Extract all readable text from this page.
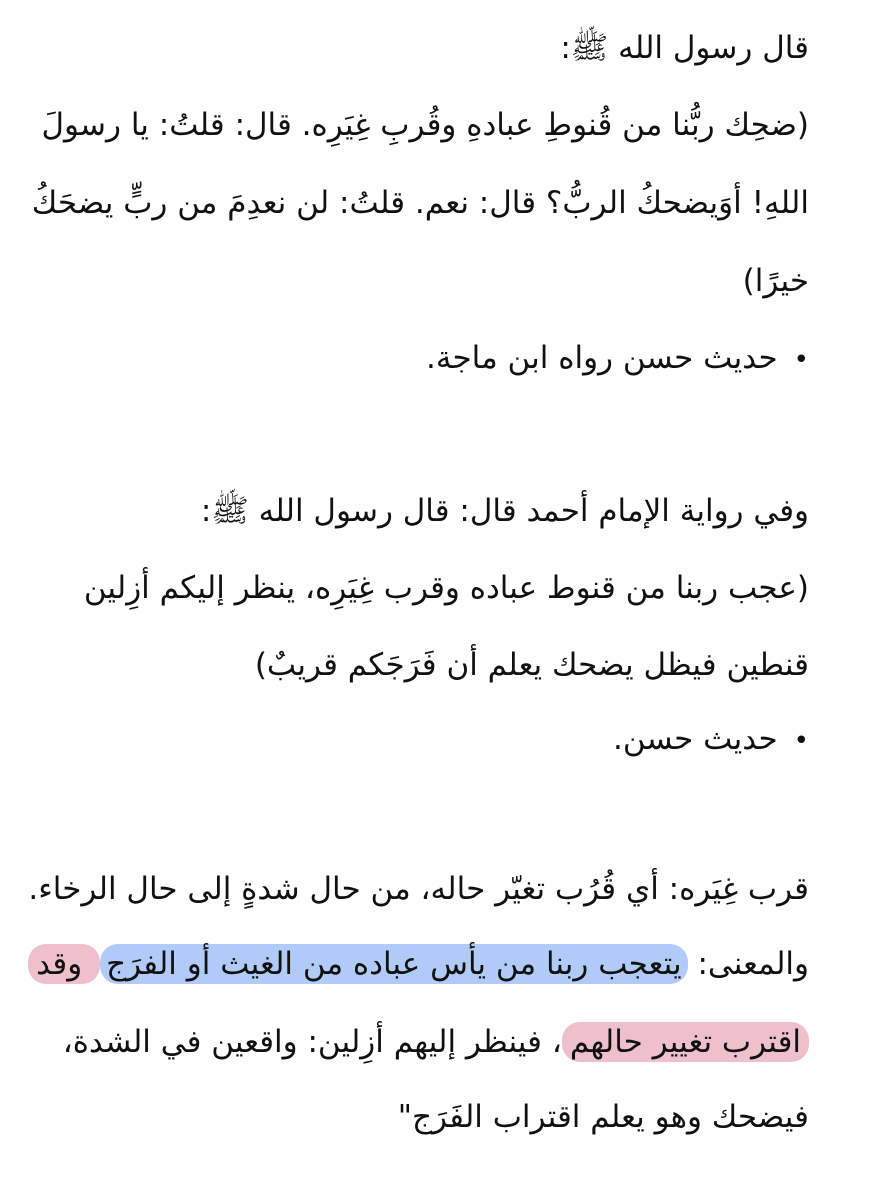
قال رسول الله ﷺ:
(ضحِك ربُّنا من قُنوطِ عبادهِ وقُربِ غِيَرِه. قال: قلتُ: يا رسولَ
اللهِ! أوَيضحكُ الربُّ؟ قال: نعم. قلتُ: لن نعدِمَ من ربٍّ يضحَكُ
خيرًا)
•حديث حسن رواه ابن ماجة.
وفي رواية الإمام أحمد قال: قال رسول الله ﷺ:
(عجب ربنا من قنوط عباده وقرب غِيَرِه، ينظر إليكم أزِلين
قنطين فيظل يضحك يعلم أن فَرَجَكم قريبٌ)
•حديث حسن.
قرب غِيَره: أي قُرُب تغيّر حاله، من حال شدةٍ إلى حال الرخاء.
والمعنى: يتعجب ربنا من يأس عباده من الغيث أو الفرَج وقد
اقترب تغيير حالهم، فينظر إليهم أزِلين: واقعين في الشدة،
فيضحك وهو يعلم اقتراب الفَرَج"
